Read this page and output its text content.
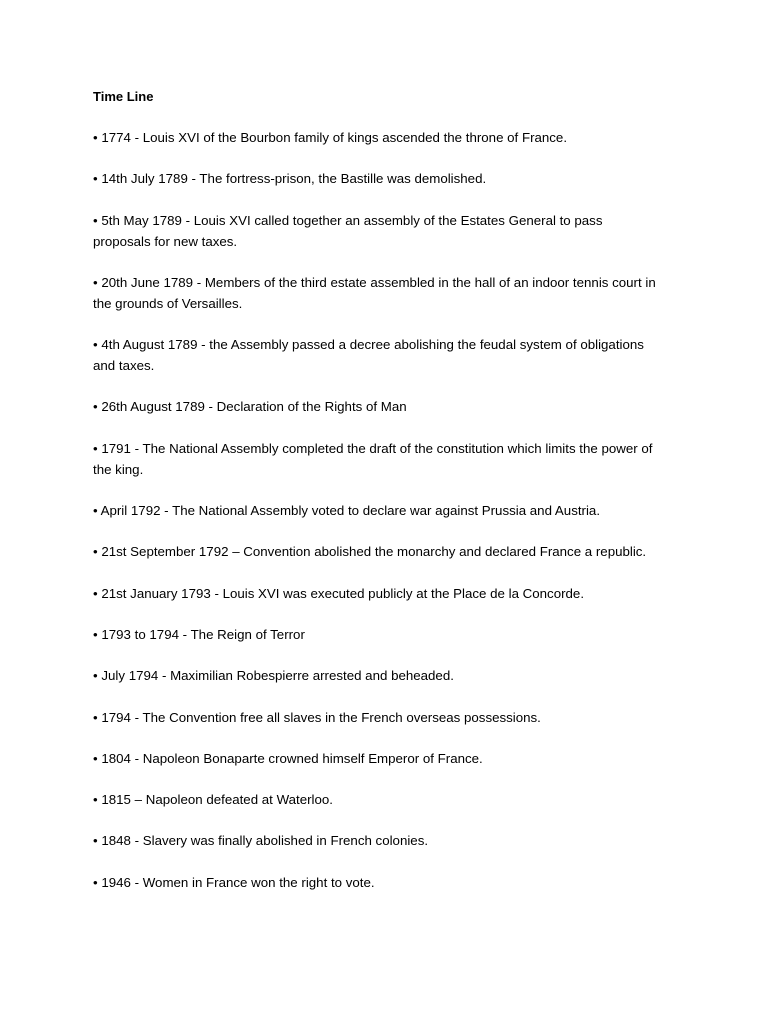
Time Line
• 1774 - Louis XVI of the Bourbon family of kings ascended the throne of France.
• 14th July 1789 - The fortress-prison, the Bastille was demolished.
• 5th May 1789 - Louis XVI called together an assembly of the Estates General to pass proposals for new taxes.
• 20th June 1789 - Members of the third estate assembled in the hall of an indoor tennis court in the grounds of Versailles.
• 4th August 1789 - the Assembly passed a decree abolishing the feudal system of obligations and taxes.
• 26th August 1789 - Declaration of the Rights of Man
• 1791 - The National Assembly completed the draft of the constitution which limits the power of the king.
• April 1792 - The National Assembly voted to declare war against Prussia and Austria.
• 21st September 1792 – Convention abolished the monarchy and declared France a republic.
• 21st January 1793 - Louis XVI was executed publicly at the Place de la Concorde.
• 1793 to 1794 - The Reign of Terror
• July 1794 - Maximilian Robespierre arrested and beheaded.
• 1794 - The Convention free all slaves in the French overseas possessions.
• 1804 - Napoleon Bonaparte crowned himself Emperor of France.
• 1815 – Napoleon defeated at Waterloo.
• 1848 - Slavery was finally abolished in French colonies.
• 1946 - Women in France won the right to vote.
